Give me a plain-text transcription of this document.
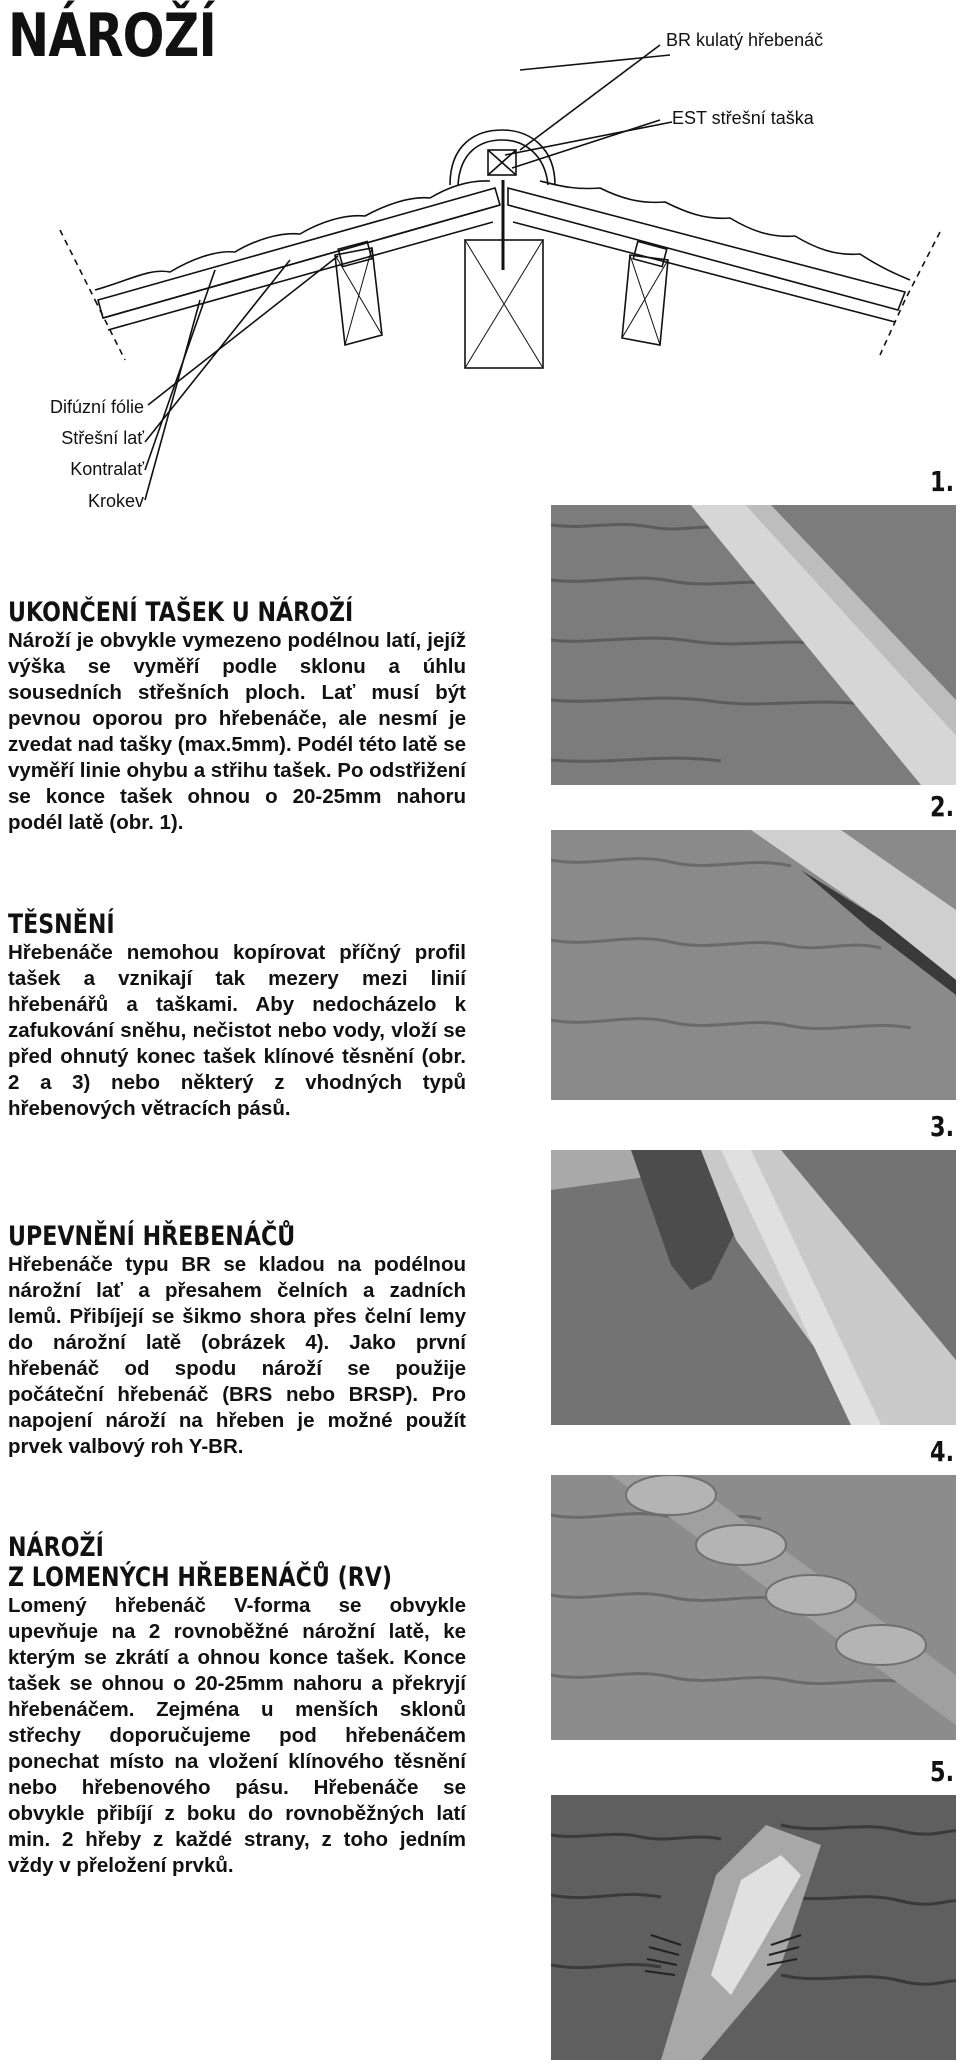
NÁROŽÍ	BR kulatý hřebenáč
EST střešní taška
Difúzní fólie
Střešní lať
Kontralať
Krokev
1.
2.
3.
4.
5.
UKONČENÍ TAŠEK U NÁROŽÍ

Nároží je obvykle vymezeno podélnou latí, jejíž výška se vyměří podle sklonu a úhlu sousedních střešních ploch. Lať musí být pevnou oporou pro hřebenáče, ale nesmí je zvedat nad tašky (max.5mm). Podél této latě se vyměří linie ohybu a střihu tašek. Po odstřižení se konce tašek ohnou o 20-25mm nahoru podél latě (obr. 1).

TĚSNĚNÍ

Hřebenáče nemohou kopírovat příčný profil tašek a vznikají tak mezery mezi linií hřebenářů a taškami. Aby nedocházelo k zafukování sněhu, nečistot nebo vody, vloží se před ohnutý konec tašek klínové těsnění (obr. 2 a 3) nebo některý z vhodných typů hřebenových větracích pásů.

UPEVNĚNÍ HŘEBENÁČŮ

Hřebenáče typu BR se kladou na podélnou nárožní lať a přesahem čelních a zadních lemů. Přibíjejí se šikmo shora přes čelní lemy do nárožní latě (obrázek 4). Jako první hřebenáč od spodu nároží se použije počáteční hřebenáč (BRS nebo BRSP). Pro napojení nároží na hřeben je možné použít prvek valbový roh Y-BR.

NÁROŽÍ
Z LOMENÝCH HŘEBENÁČŮ (RV)

Lomený hřebenáč V-forma se obvykle upevňuje na 2 rovnoběžné nárožní latě, ke kterým se zkrátí a ohnou konce tašek. Konce tašek se ohnou o 20-25mm nahoru a překryjí hřebenáčem. Zejména u menších sklonů střechy doporučujeme pod hřebenáčem ponechat místo na vložení klínového těsnění nebo hřebenového pásu. Hřebenáče se obvykle přibíjí z boku do rovnoběžných latí min. 2 hřeby z každé strany, z toho jedním vždy v přeložení prvků.
